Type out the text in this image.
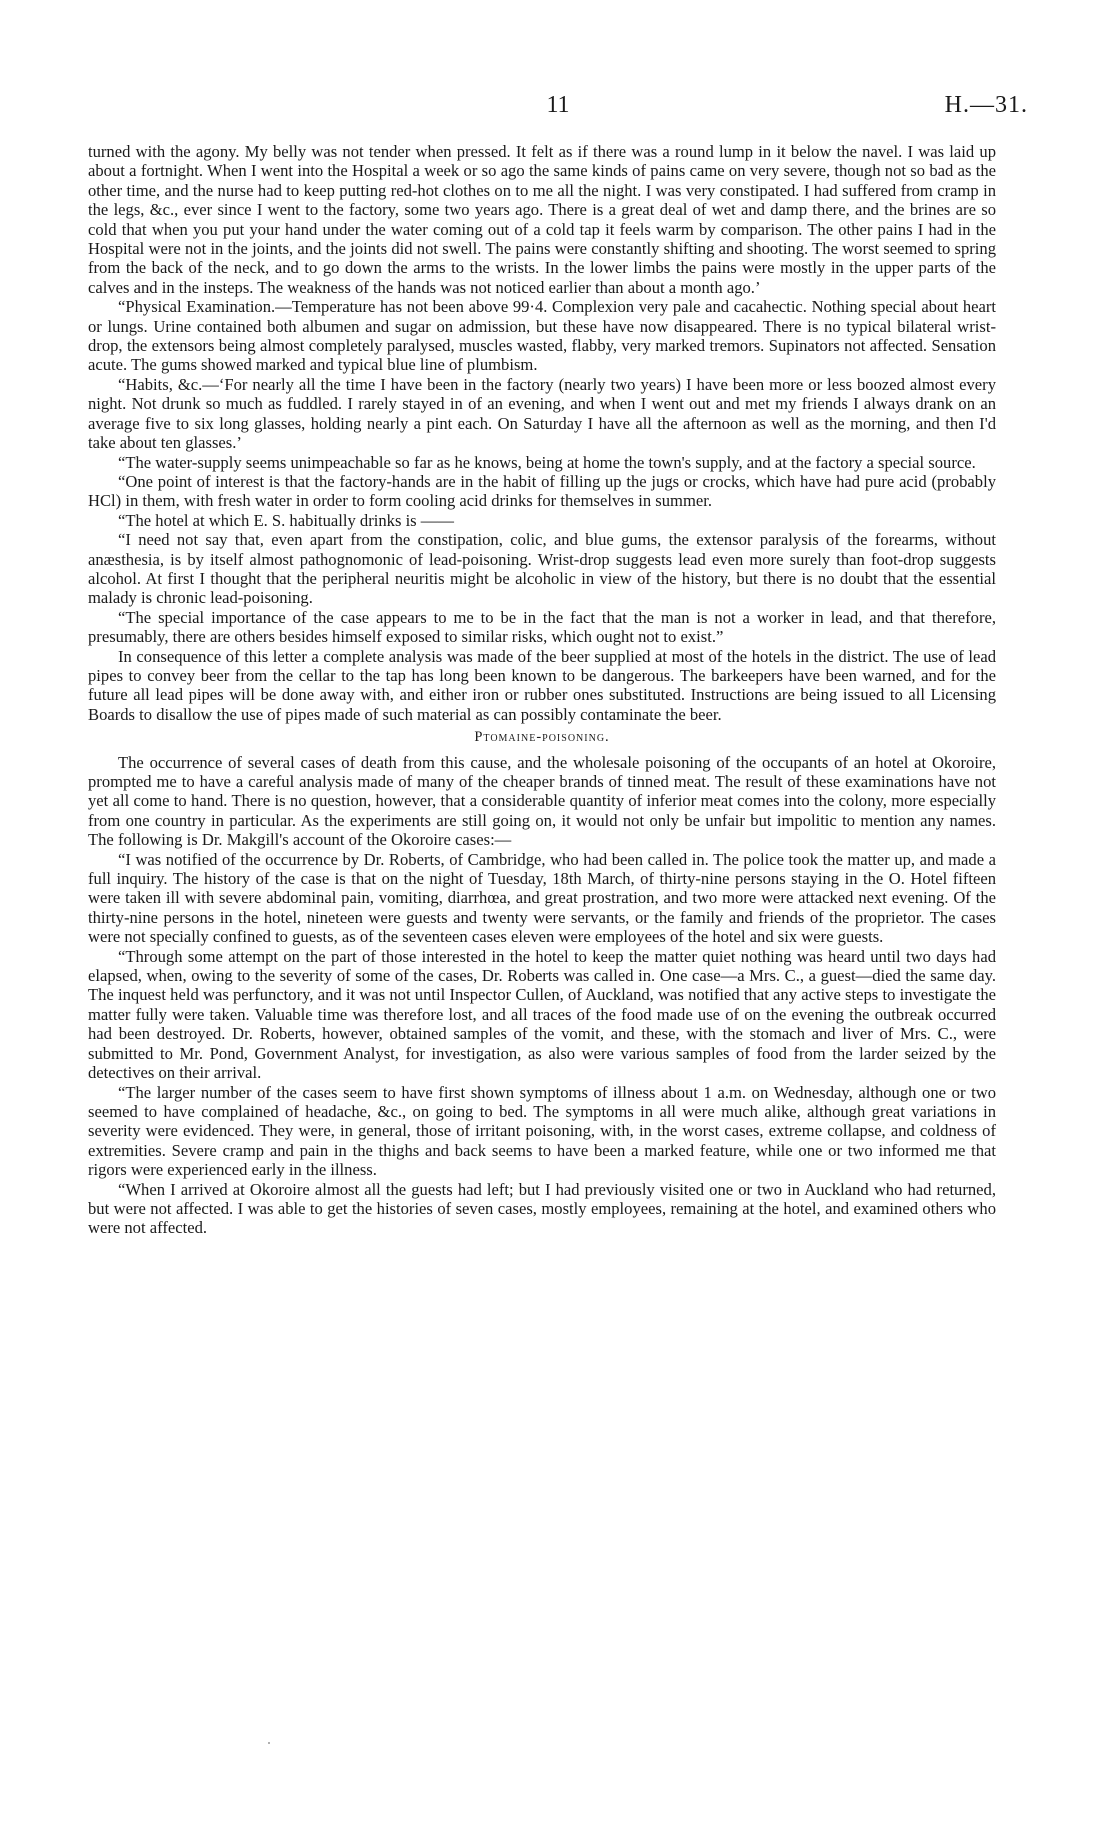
11	H.—31.

turned with the agony. My belly was not tender when pressed. It felt as if there was a round lump in it below the navel. I was laid up about a fortnight. When I went into the Hospital a week or so ago the same kinds of pains came on very severe, though not so bad as the other time, and the nurse had to keep putting red-hot clothes on to me all the night. I was very constipated. I had suffered from cramp in the legs, &c., ever since I went to the factory, some two years ago. There is a great deal of wet and damp there, and the brines are so cold that when you put your hand under the water coming out of a cold tap it feels warm by comparison. The other pains I had in the Hospital were not in the joints, and the joints did not swell. The pains were constantly shifting and shooting. The worst seemed to spring from the back of the neck, and to go down the arms to the wrists. In the lower limbs the pains were mostly in the upper parts of the calves and in the insteps. The weakness of the hands was not noticed earlier than about a month ago.’

“Physical Examination.—Temperature has not been above 99·4. Complexion very pale and cacahectic. Nothing special about heart or lungs. Urine contained both albumen and sugar on admission, but these have now disappeared. There is no typical bilateral wrist-drop, the extensors being almost completely paralysed, muscles wasted, flabby, very marked tremors. Supinators not affected. Sensation acute. The gums showed marked and typical blue line of plumbism.

“Habits, &c.—‘For nearly all the time I have been in the factory (nearly two years) I have been more or less boozed almost every night. Not drunk so much as fuddled. I rarely stayed in of an evening, and when I went out and met my friends I always drank on an average five to six long glasses, holding nearly a pint each. On Saturday I have all the afternoon as well as the morning, and then I'd take about ten glasses.’

“The water-supply seems unimpeachable so far as he knows, being at home the town's supply, and at the factory a special source.

“One point of interest is that the factory-hands are in the habit of filling up the jugs or crocks, which have had pure acid (probably HCl) in them, with fresh water in order to form cooling acid drinks for themselves in summer.

“The hotel at which E. S. habitually drinks is ——

“I need not say that, even apart from the constipation, colic, and blue gums, the extensor paralysis of the forearms, without anæsthesia, is by itself almost pathognomonic of lead-poisoning. Wrist-drop suggests lead even more surely than foot-drop suggests alcohol. At first I thought that the peripheral neuritis might be alcoholic in view of the history, but there is no doubt that the essential malady is chronic lead-poisoning.

“The special importance of the case appears to me to be in the fact that the man is not a worker in lead, and that therefore, presumably, there are others besides himself exposed to similar risks, which ought not to exist.”

In consequence of this letter a complete analysis was made of the beer supplied at most of the hotels in the district. The use of lead pipes to convey beer from the cellar to the tap has long been known to be dangerous. The barkeepers have been warned, and for the future all lead pipes will be done away with, and either iron or rubber ones substituted. Instructions are being issued to all Licensing Boards to disallow the use of pipes made of such material as can possibly contaminate the beer.

Ptomaine-poisoning.

The occurrence of several cases of death from this cause, and the wholesale poisoning of the occupants of an hotel at Okoroire, prompted me to have a careful analysis made of many of the cheaper brands of tinned meat. The result of these examinations have not yet all come to hand. There is no question, however, that a considerable quantity of inferior meat comes into the colony, more especially from one country in particular. As the experiments are still going on, it would not only be unfair but impolitic to mention any names. The following is Dr. Makgill's account of the Okoroire cases:—

“I was notified of the occurrence by Dr. Roberts, of Cambridge, who had been called in. The police took the matter up, and made a full inquiry. The history of the case is that on the night of Tuesday, 18th March, of thirty-nine persons staying in the O. Hotel fifteen were taken ill with severe abdominal pain, vomiting, diarrhœa, and great prostration, and two more were attacked next evening. Of the thirty-nine persons in the hotel, nineteen were guests and twenty were servants, or the family and friends of the proprietor. The cases were not specially confined to guests, as of the seventeen cases eleven were employees of the hotel and six were guests.

“Through some attempt on the part of those interested in the hotel to keep the matter quiet nothing was heard until two days had elapsed, when, owing to the severity of some of the cases, Dr. Roberts was called in. One case—a Mrs. C., a guest—died the same day. The inquest held was perfunctory, and it was not until Inspector Cullen, of Auckland, was notified that any active steps to investigate the matter fully were taken. Valuable time was therefore lost, and all traces of the food made use of on the evening the outbreak occurred had been destroyed. Dr. Roberts, however, obtained samples of the vomit, and these, with the stomach and liver of Mrs. C., were submitted to Mr. Pond, Government Analyst, for investigation, as also were various samples of food from the larder seized by the detectives on their arrival.

“The larger number of the cases seem to have first shown symptoms of illness about 1 a.m. on Wednesday, although one or two seemed to have complained of headache, &c., on going to bed. The symptoms in all were much alike, although great variations in severity were evidenced. They were, in general, those of irritant poisoning, with, in the worst cases, extreme collapse, and coldness of extremities. Severe cramp and pain in the thighs and back seems to have been a marked feature, while one or two informed me that rigors were experienced early in the illness.

“When I arrived at Okoroire almost all the guests had left; but I had previously visited one or two in Auckland who had returned, but were not affected. I was able to get the histories of seven cases, mostly employees, remaining at the hotel, and examined others who were not affected.
